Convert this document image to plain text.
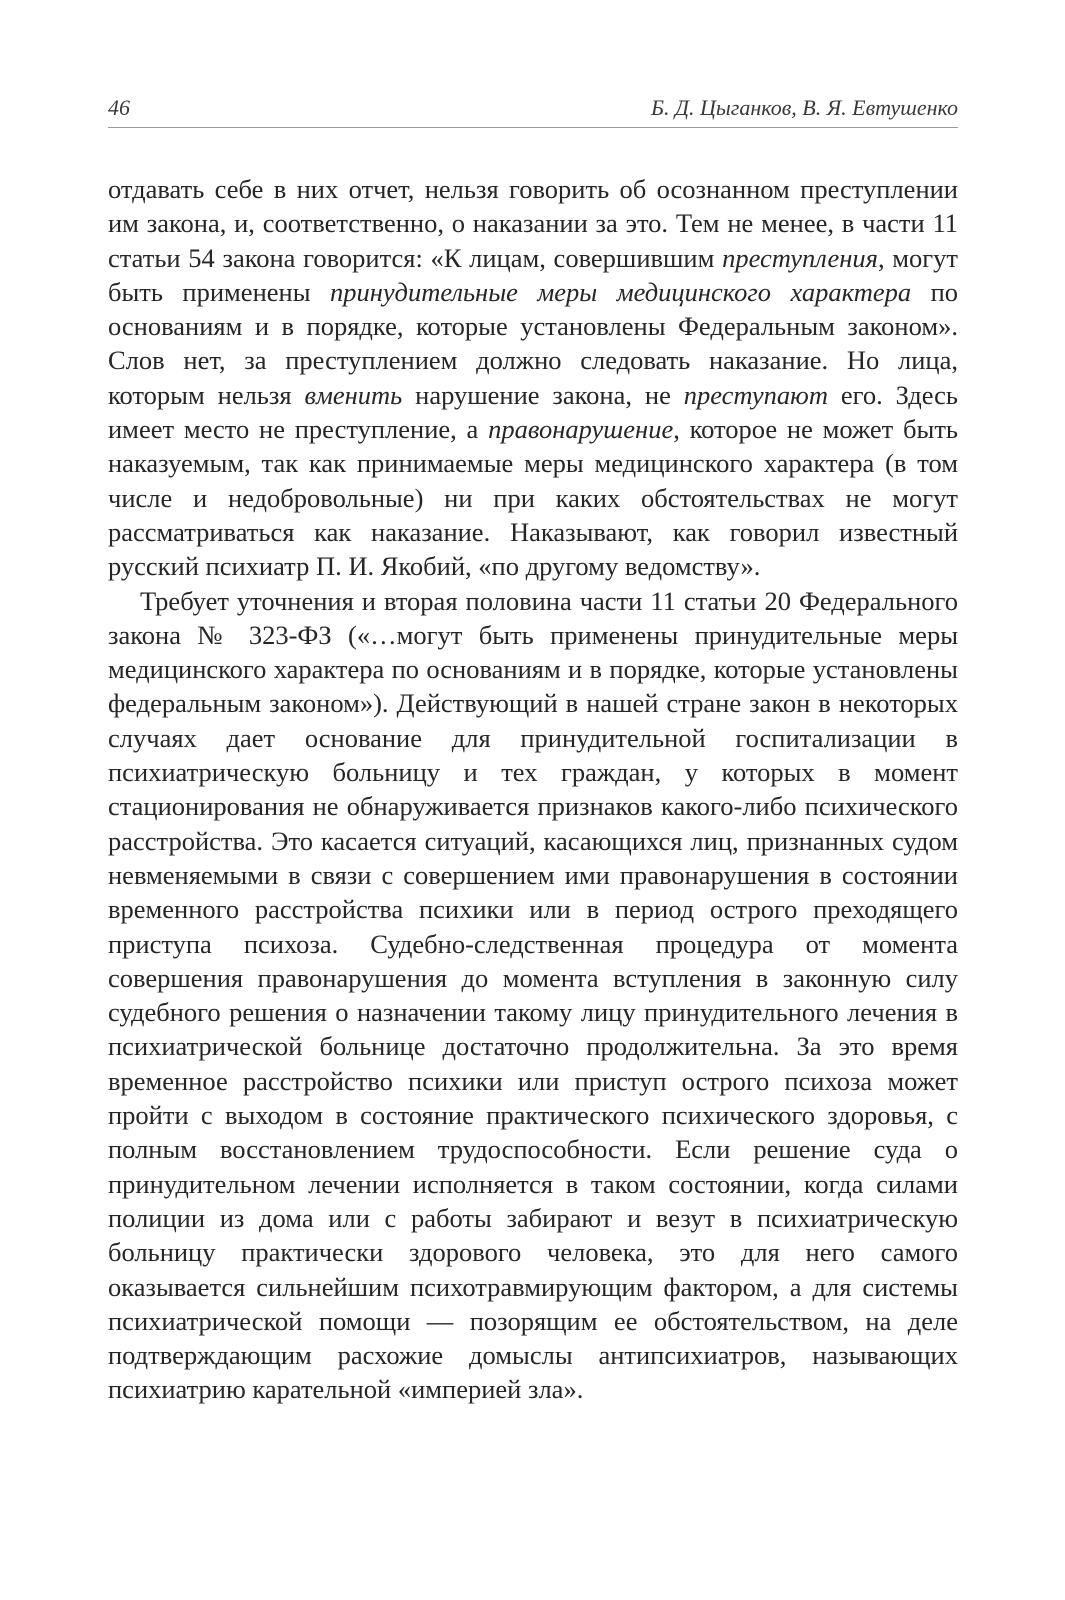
46	Б. Д. Цыганков, В. Я. Евтушенко

отдавать себе в них отчет, нельзя говорить об осознанном преступлении им закона, и, соответственно, о наказании за это. Тем не менее, в части 11 статьи 54 закона говорится: «К лицам, совершившим преступления, могут быть применены принудительные меры медицинского характера по основаниям и в порядке, которые установлены Федеральным законом». Слов нет, за преступлением должно следовать наказание. Но лица, которым нельзя вменить нарушение закона, не преступают его. Здесь имеет место не преступление, а правонарушение, которое не может быть наказуемым, так как принимаемые меры медицинского характера (в том числе и недобровольные) ни при каких обстоятельствах не могут рассматриваться как наказание. Наказывают, как говорил известный русский психиатр П. И. Якобий, «по другому ведомству».

Требует уточнения и вторая половина части 11 статьи 20 Федерального закона № 323-ФЗ («…могут быть применены принудительные меры медицинского характера по основаниям и в порядке, которые установлены федеральным законом»). Действующий в нашей стране закон в некоторых случаях дает основание для принудительной госпитализации в психиатрическую больницу и тех граждан, у которых в момент стационирования не обнаруживается признаков какого-либо психического расстройства. Это касается ситуаций, касающихся лиц, признанных судом невменяемыми в связи с совершением ими правонарушения в состоянии временного расстройства психики или в период острого преходящего приступа психоза. Судебно-следственная процедура от момента совершения правонарушения до момента вступления в законную силу судебного решения о назначении такому лицу принудительного лечения в психиатрической больнице достаточно продолжительна. За это время временное расстройство психики или приступ острого психоза может пройти с выходом в состояние практического психического здоровья, с полным восстановлением трудоспособности. Если решение суда о принудительном лечении исполняется в таком состоянии, когда силами полиции из дома или с работы забирают и везут в психиатрическую больницу практически здорового человека, это для него самого оказывается сильнейшим психотравмирующим фактором, а для системы психиатрической помощи — позорящим ее обстоятельством, на деле подтверждающим расхожие домыслы антипсихиатров, называющих психиатрию карательной «империей зла».
